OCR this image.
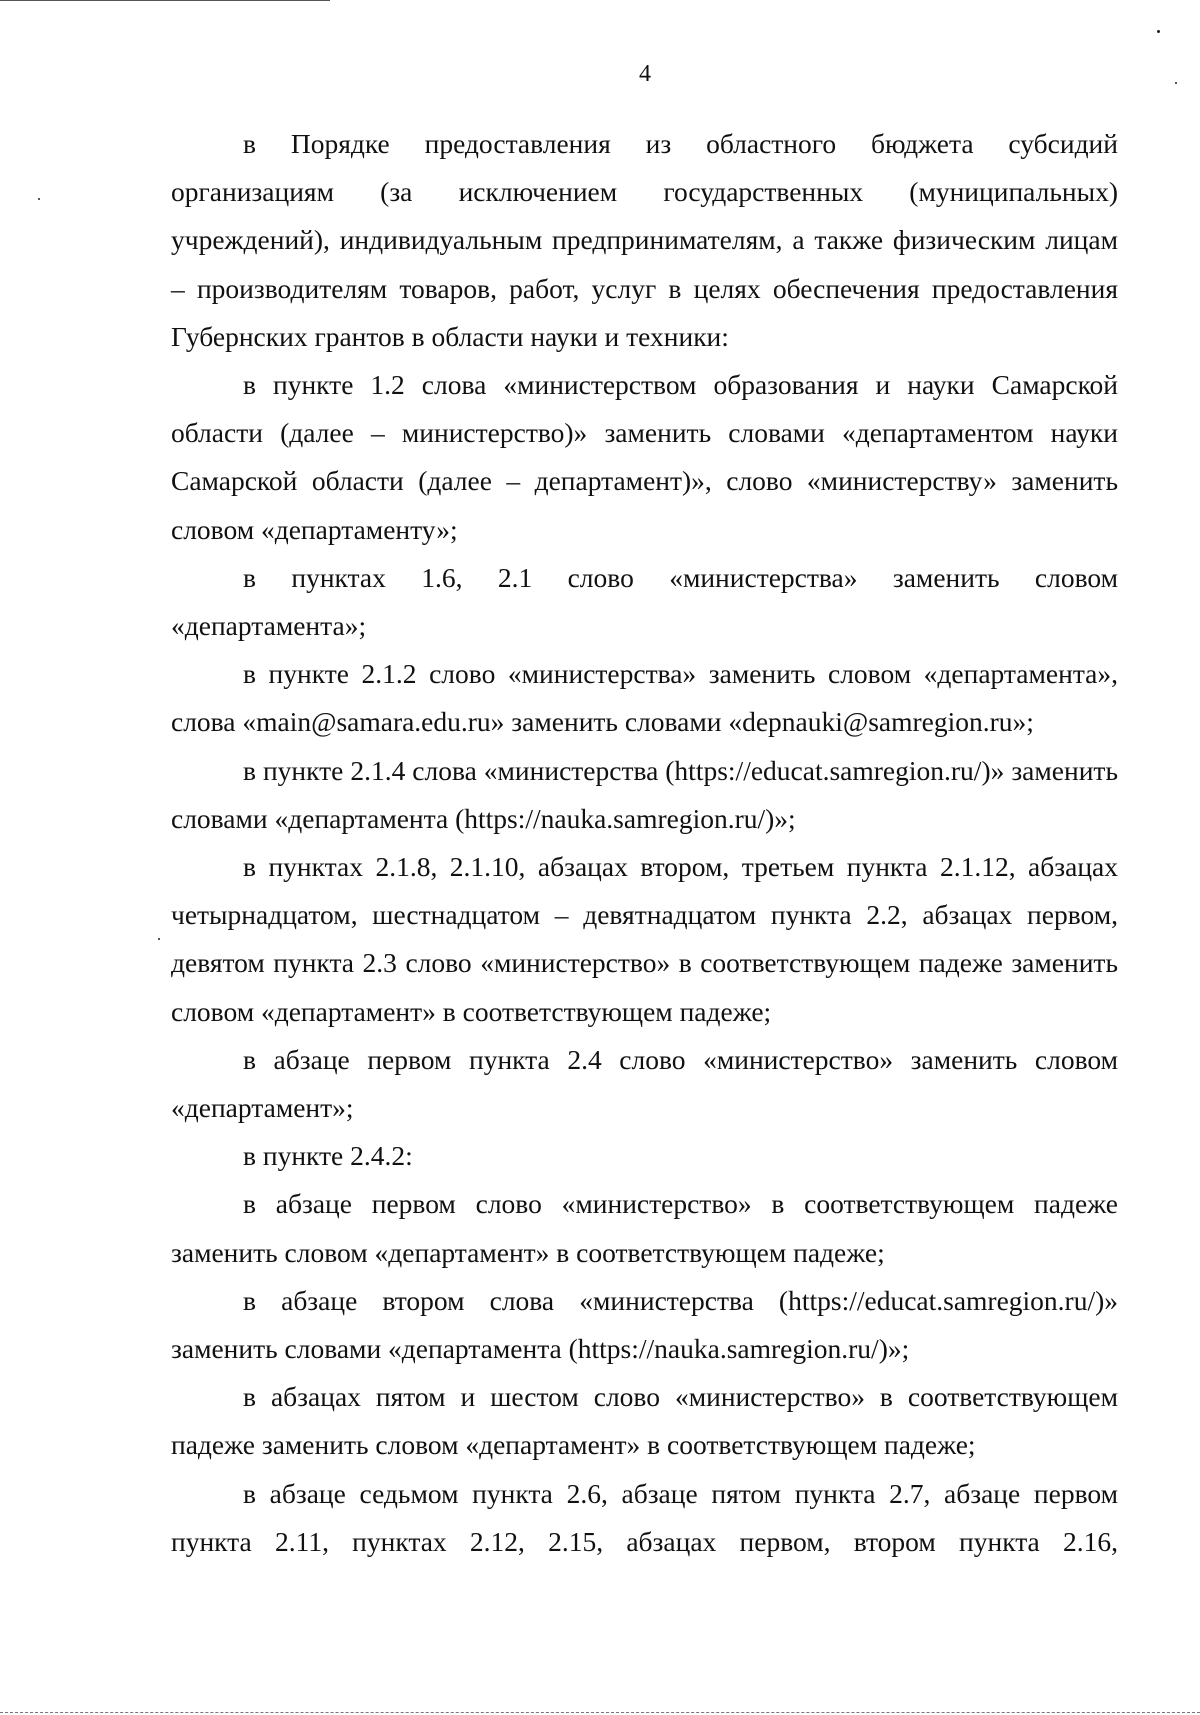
4

в Порядке предоставления из областного бюджета субсидий организациям (за исключением государственных (муниципальных) учреждений), индивидуальным предпринимателям, а также физическим лицам – производителям товаров, работ, услуг в целях обеспечения предоставления Губернских грантов в области науки и техники:

в пункте 1.2 слова «министерством образования и науки Самарской области (далее – министерство)» заменить словами «департаментом науки Самарской области (далее – департамент)», слово «министерству» заменить словом «департаменту»;

в пунктах 1.6, 2.1 слово «министерства» заменить словом «департамента»;

в пункте 2.1.2 слово «министерства» заменить словом «департамента», слова «main@samara.edu.ru» заменить словами «depnauki@samregion.ru»;

в пункте 2.1.4 слова «министерства (https://educat.samregion.ru/)» заменить словами «департамента (https://nauka.samregion.ru/)»;

в пунктах 2.1.8, 2.1.10, абзацах втором, третьем пункта 2.1.12, абзацах четырнадцатом, шестнадцатом – девятнадцатом пункта 2.2, абзацах первом, девятом пункта 2.3 слово «министерство» в соответствующем падеже заменить словом «департамент» в соответствующем падеже;

в абзаце первом пункта 2.4 слово «министерство» заменить словом «департамент»;

в пункте 2.4.2:

в абзаце первом слово «министерство» в соответствующем падеже заменить словом «департамент» в соответствующем падеже;

в абзаце втором слова «министерства (https://educat.samregion.ru/)» заменить словами «департамента (https://nauka.samregion.ru/)»;

в абзацах пятом и шестом слово «министерство» в соответствующем падеже заменить словом «департамент» в соответствующем падеже;

в абзаце седьмом пункта 2.6, абзаце пятом пункта 2.7, абзаце первом пункта 2.11, пунктах 2.12, 2.15, абзацах первом, втором пункта 2.16,
